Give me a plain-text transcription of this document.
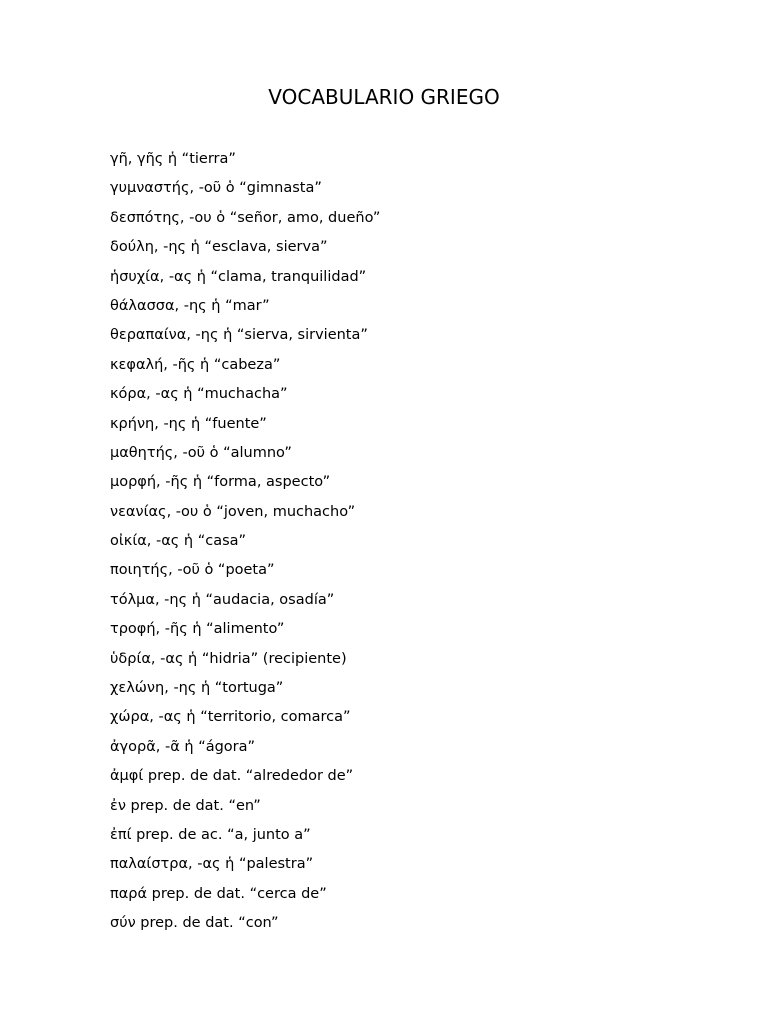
VOCABULARIO GRIEGO
γῆ, γῆς ἡ “tierra”
γυμναστής, -οῦ ὁ “gimnasta”
δεσπότης, -ου ὁ “señor, amo, dueño”
δούλη, -ης ἡ “esclava, sierva”
ἡσυχία, -ας ἡ “clama, tranquilidad”
θάλασσα, -ης ἡ “mar”
θεραπαίνα, -ης ἡ “sierva, sirvienta”
κεφαλή, -ῆς ἡ “cabeza”
κόρα, -ας ἡ “muchacha”
κρήνη, -ης ἡ “fuente”
μαθητής, -οῦ ὁ “alumno”
μορφή, -ῆς ἡ “forma, aspecto”
νεανίας, -ου ὁ “joven, muchacho”
οἰκία, -ας ἡ “casa”
ποιητής, -οῦ ὁ “poeta”
τόλμα, -ης ἡ “audacia, osadía”
τροφή, -ῆς ἡ “alimento”
ὑδρία, -ας ἡ “hidria” (recipiente)
χελώνη, -ης ἡ “tortuga”
χώρα, -ας ἡ “territorio, comarca”
ἀγορᾶ, -ᾶ ἡ “ágora”
ἀμφί prep. de dat. “alrededor de”
ἐν prep. de dat. “en”
ἐπί prep. de ac. “a, junto a”
παλαίστρα, -ας ἡ “palestra”
παρά prep. de dat. “cerca de”
σύν prep. de dat. “con”
